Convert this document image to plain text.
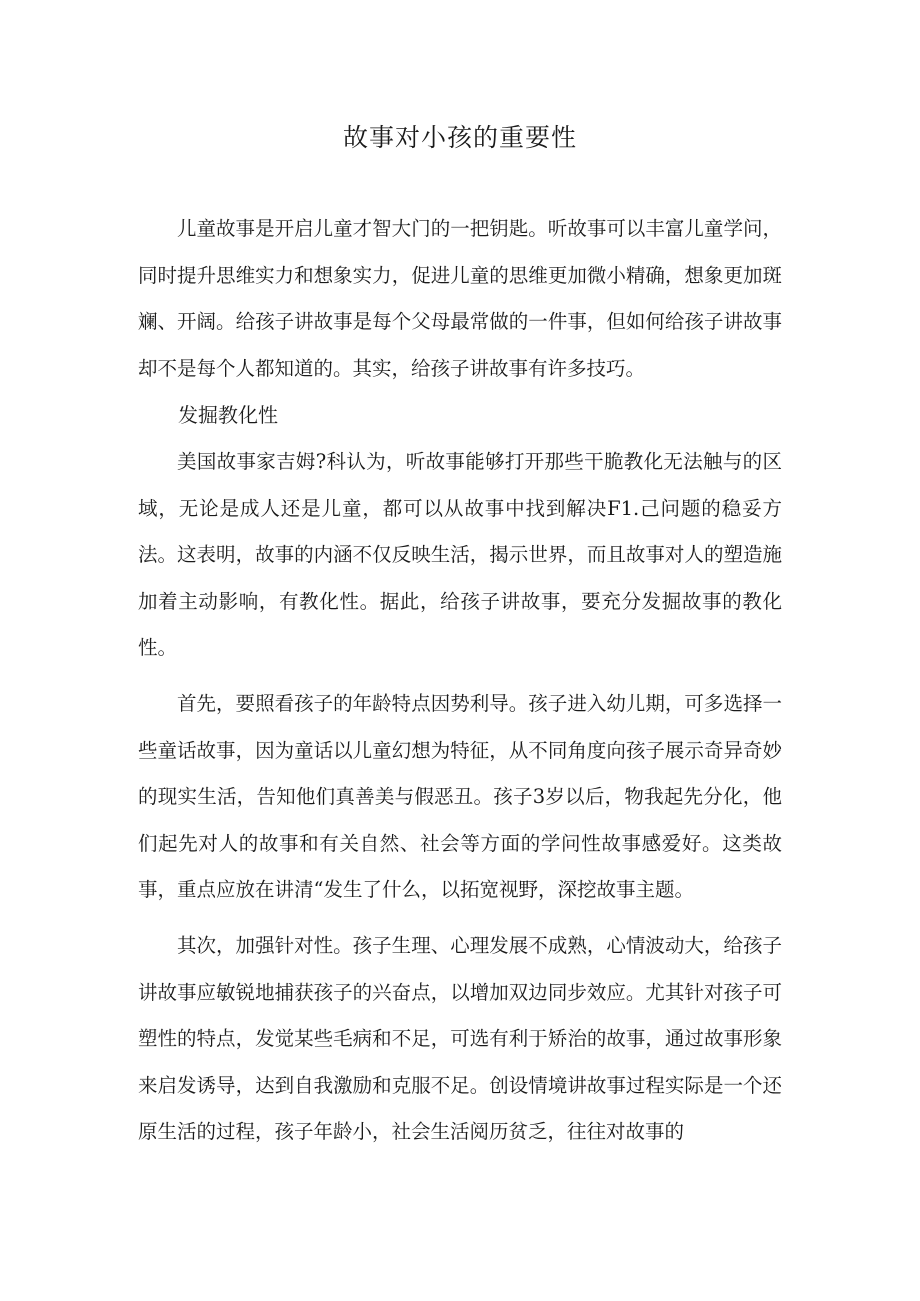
故事对小孩的重要性

儿童故事是开启儿童才智大门的一把钥匙。听故事可以丰富儿童学问，同时提升思维实力和想象实力，促进儿童的思维更加微小精确，想象更加斑斓、开阔。给孩子讲故事是每个父母最常做的一件事，但如何给孩子讲故事却不是每个人都知道的。其实，给孩子讲故事有许多技巧。

发掘教化性

美国故事家吉姆?科认为，听故事能够打开那些干脆教化无法触与的区域，无论是成人还是儿童，都可以从故事中找到解决F1.己问题的稳妥方法。这表明，故事的内涵不仅反映生活，揭示世界，而且故事对人的塑造施加着主动影响，有教化性。据此，给孩子讲故事，要充分发掘故事的教化性。

首先，要照看孩子的年龄特点因势利导。孩子进入幼儿期，可多选择一些童话故事，因为童话以儿童幻想为特征，从不同角度向孩子展示奇异奇妙的现实生活，告知他们真善美与假恶丑。孩子3岁以后，物我起先分化，他们起先对人的故事和有关自然、社会等方面的学问性故事感爱好。这类故事，重点应放在讲清“发生了什么，以拓宽视野，深挖故事主题。

其次，加强针对性。孩子生理、心理发展不成熟，心情波动大，给孩子讲故事应敏锐地捕获孩子的兴奋点，以增加双边同步效应。尤其针对孩子可塑性的特点，发觉某些毛病和不足，可选有利于矫治的故事，通过故事形象来启发诱导，达到自我激励和克服不足。创设情境讲故事过程实际是一个还原生活的过程，孩子年龄小，社会生活阅历贫乏，往往对故事的
